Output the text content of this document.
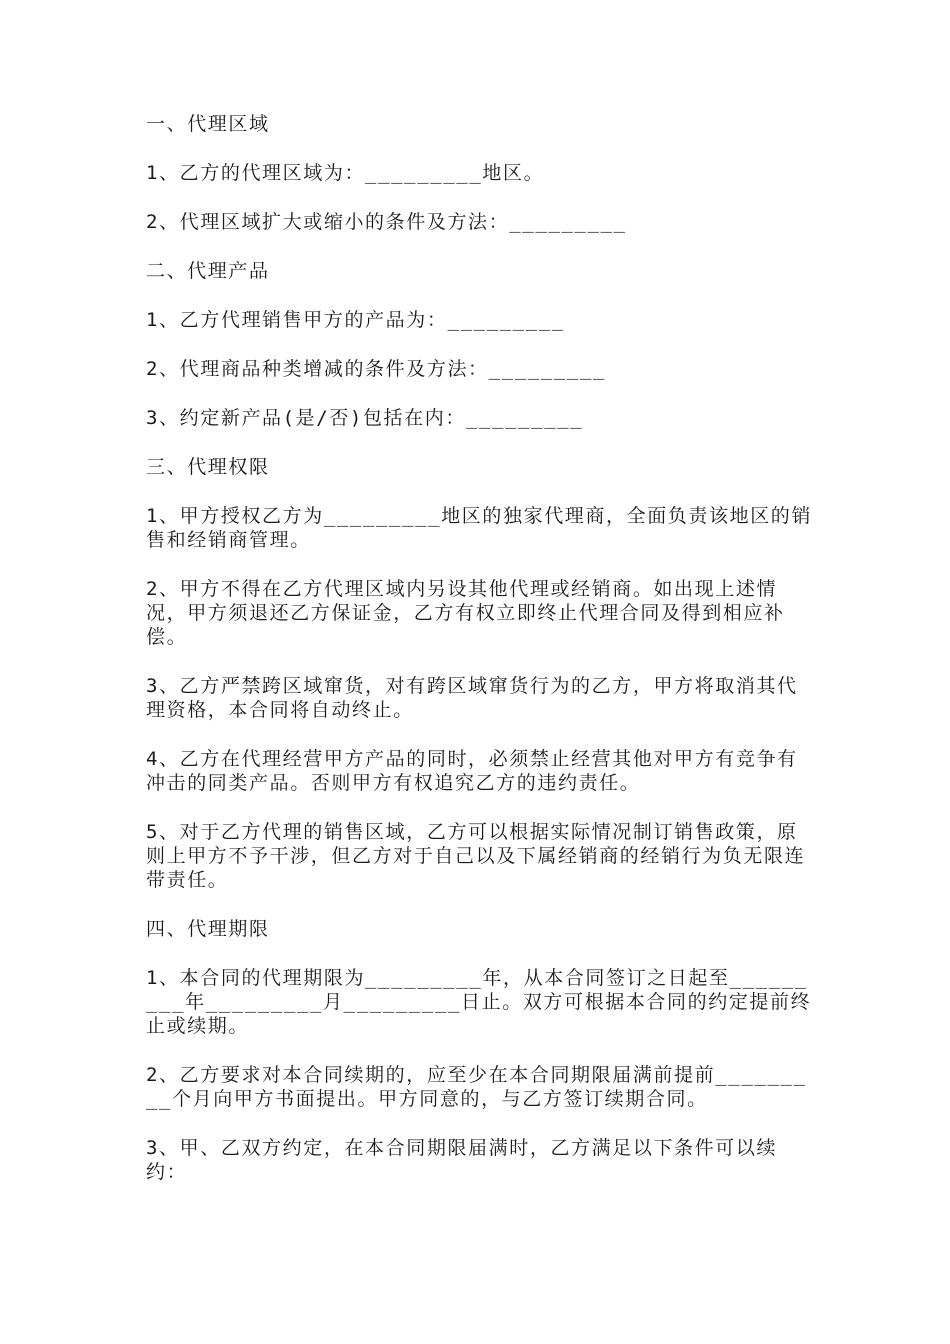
一、代理区域
1、乙方的代理区域为：_________地区。
2、代理区域扩大或缩小的条件及方法：_________
二、代理产品
1、乙方代理销售甲方的产品为：_________
2、代理商品种类增减的条件及方法：_________
3、约定新产品(是/否)包括在内：_________
三、代理权限
1、甲方授权乙方为_________地区的独家代理商，全面负责该地区的销售和经销商管理。
2、甲方不得在乙方代理区域内另设其他代理或经销商。如出现上述情况，甲方须退还乙方保证金，乙方有权立即终止代理合同及得到相应补偿。
3、乙方严禁跨区域窜货，对有跨区域窜货行为的乙方，甲方将取消其代理资格，本合同将自动终止。
4、乙方在代理经营甲方产品的同时，必须禁止经营其他对甲方有竞争有冲击的同类产品。否则甲方有权追究乙方的违约责任。
5、对于乙方代理的销售区域，乙方可以根据实际情况制订销售政策，原则上甲方不予干涉，但乙方对于自己以及下属经销商的经销行为负无限连带责任。
四、代理期限
1、本合同的代理期限为_________年，从本合同签订之日起至_________年_________月_________日止。双方可根据本合同的约定提前终止或续期。
2、乙方要求对本合同续期的，应至少在本合同期限届满前提前_________个月向甲方书面提出。甲方同意的，与乙方签订续期合同。
3、甲、乙双方约定，在本合同期限届满时，乙方满足以下条件可以续约：
